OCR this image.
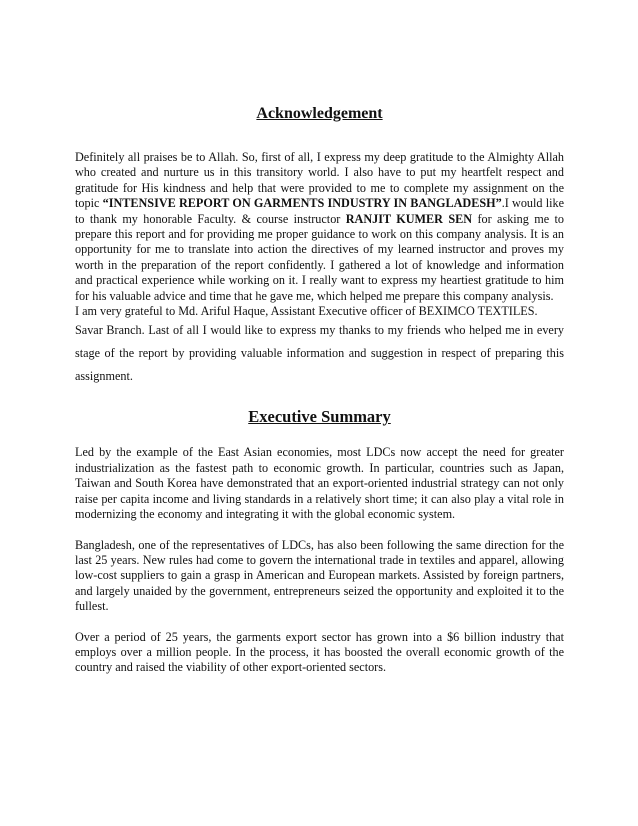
Acknowledgement

Definitely all praises be to Allah. So, first of all, I express my deep gratitude to the Almighty Allah who created and nurture us in this transitory world. I also have to put my heartfelt respect and gratitude for His kindness and help that were provided to me to complete my assignment on the topic “INTENSIVE REPORT ON GARMENTS INDUSTRY IN BANGLADESH”.I would like to thank my honorable Faculty. & course instructor RANJIT KUMER SEN for asking me to prepare this report and for providing me proper guidance to work on this company analysis. It is an opportunity for me to translate into action the directives of my learned instructor and proves my worth in the preparation of the report confidently. I gathered a lot of knowledge and information and practical experience while working on it. I really want to express my heartiest gratitude to him for his valuable advice and time that he gave me, which helped me prepare this company analysis.

I am very grateful to Md. Ariful Haque, Assistant Executive officer of BEXIMCO TEXTILES.

Savar Branch. Last of all I would like to express my thanks to my friends who helped me in every stage of the report by providing valuable information and suggestion in respect of preparing this assignment.

Executive Summary

Led by the example of the East Asian economies, most LDCs now accept the need for greater industrialization as the fastest path to economic growth. In particular, countries such as Japan, Taiwan and South Korea have demonstrated that an export-oriented industrial strategy can not only raise per capita income and living standards in a relatively short time; it can also play a vital role in modernizing the economy and integrating it with the global economic system.

Bangladesh, one of the representatives of LDCs, has also been following the same direction for the last 25 years. New rules had come to govern the international trade in textiles and apparel, allowing low-cost suppliers to gain a grasp in American and European markets. Assisted by foreign partners, and largely unaided by the government, entrepreneurs seized the opportunity and exploited it to the fullest.

Over a period of 25 years, the garments export sector has grown into a $6 billion industry that employs over a million people. In the process, it has boosted the overall economic growth of the country and raised the viability of other export-oriented sectors.
